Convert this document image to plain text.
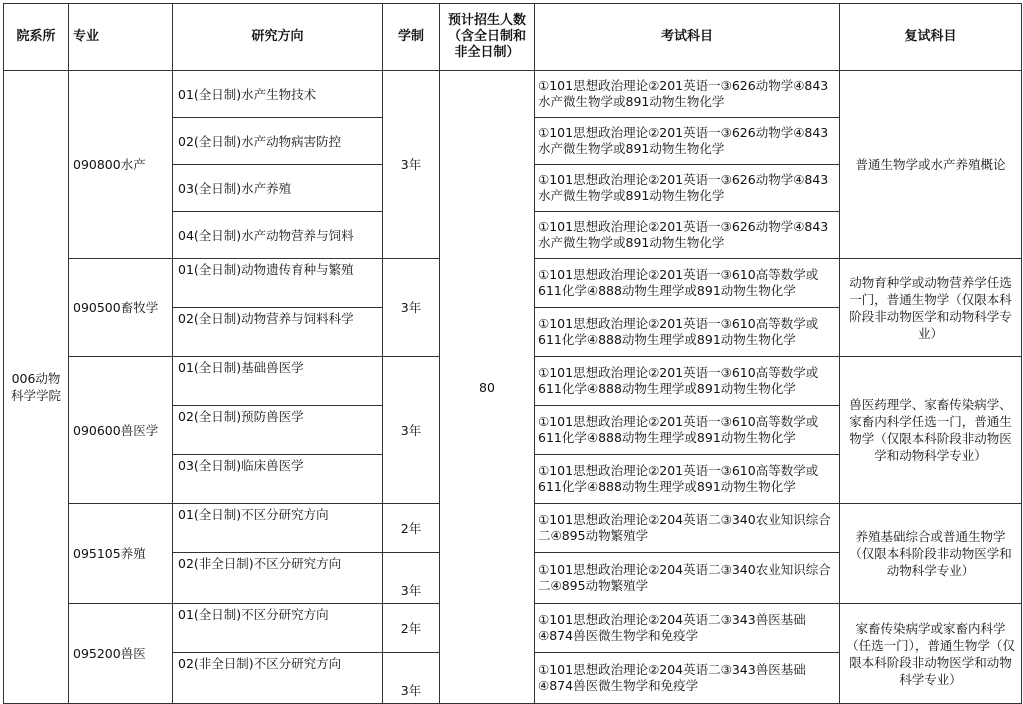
院系所	专业	研究方向	学制	预计招生人数（含全日制和非全日制）	考试科目	复试科目
006动物科学学院	090800水产	01(全日制)水产生物技术	3年	80	①101思想政治理论②201英语一③626动物学④843水产微生物学或891动物生物化学	普通生物学或水产养殖概论
		02(全日制)水产动物病害防控			①101思想政治理论②201英语一③626动物学④843水产微生物学或891动物生物化学	
		03(全日制)水产养殖			①101思想政治理论②201英语一③626动物学④843水产微生物学或891动物生物化学	
		04(全日制)水产动物营养与饲料			①101思想政治理论②201英语一③626动物学④843水产微生物学或891动物生物化学	
	090500畜牧学	01(全日制)动物遗传育种与繁殖	3年		①101思想政治理论②201英语一③610高等数学或611化学④888动物生理学或891动物生物化学	动物育种学或动物营养学任选一门，普通生物学（仅限本科阶段非动物医学和动物科学专业）
		02(全日制)动物营养与饲料科学			①101思想政治理论②201英语一③610高等数学或611化学④888动物生理学或891动物生物化学	
	090600兽医学	01(全日制)基础兽医学	3年		①101思想政治理论②201英语一③610高等数学或611化学④888动物生理学或891动物生物化学	兽医药理学、家畜传染病学、家畜内科学任选一门，普通生物学（仅限本科阶段非动物医学和动物科学专业）
		02(全日制)预防兽医学			①101思想政治理论②201英语一③610高等数学或611化学④888动物生理学或891动物生物化学	
		03(全日制)临床兽医学			①101思想政治理论②201英语一③610高等数学或611化学④888动物生理学或891动物生物化学	
	095105养殖	01(全日制)不区分研究方向	2年		①101思想政治理论②204英语二③340农业知识综合二④895动物繁殖学	养殖基础综合或普通生物学（仅限本科阶段非动物医学和动物科学专业）
		02(非全日制)不区分研究方向	3年		①101思想政治理论②204英语二③340农业知识综合二④895动物繁殖学	
	095200兽医	01(全日制)不区分研究方向	2年		①101思想政治理论②204英语二③343兽医基础④874兽医微生物学和免疫学	家畜传染病学或家畜内科学（任选一门），普通生物学（仅限本科阶段非动物医学和动物科学专业）
		02(非全日制)不区分研究方向	3年		①101思想政治理论②204英语二③343兽医基础④874兽医微生物学和免疫学	
